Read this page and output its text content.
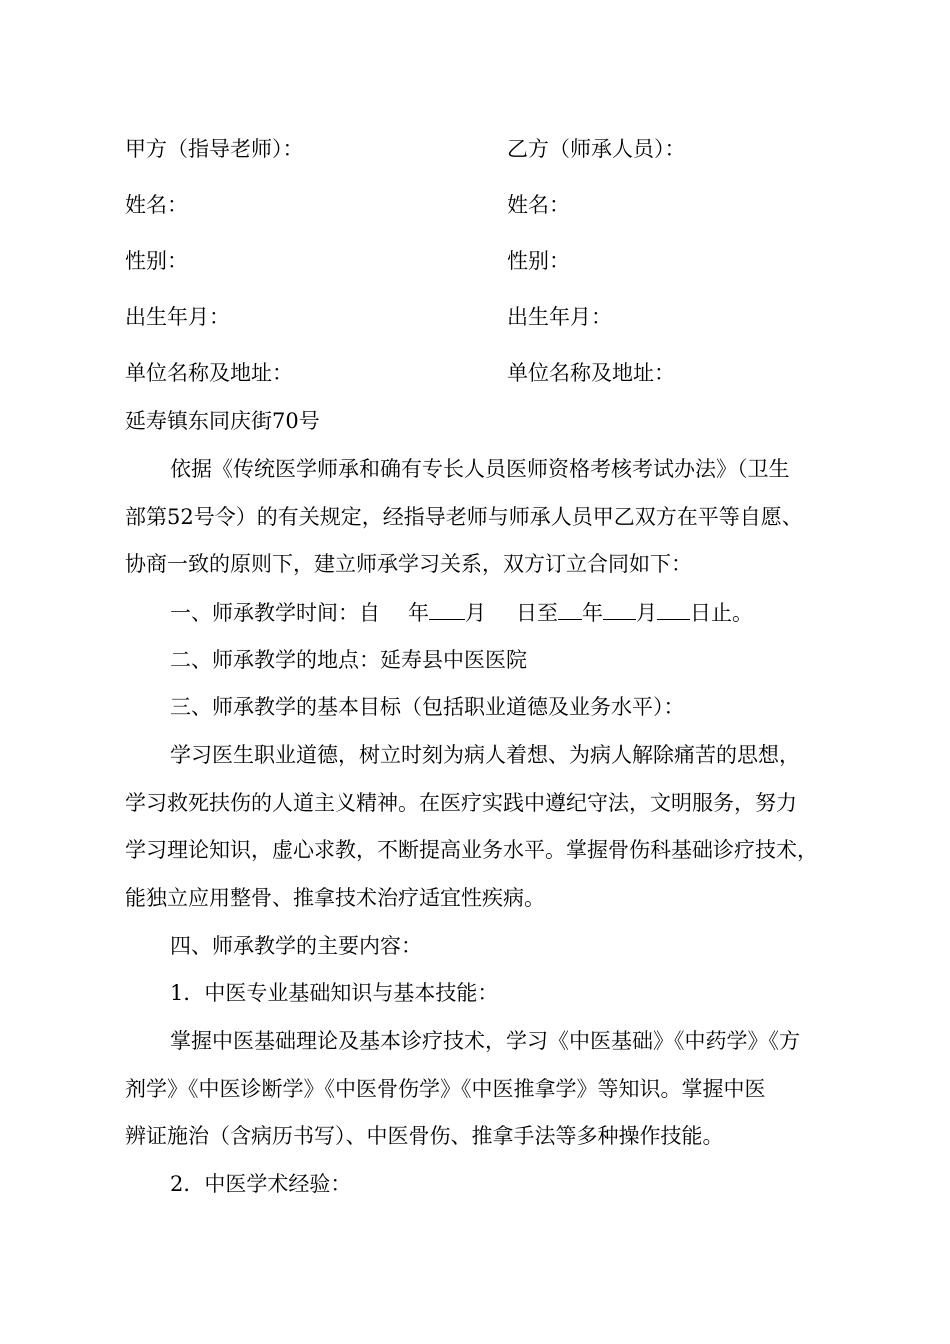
甲方（指导老师）：	乙方（师承人员）：
姓名：	姓名：
性别：	性别：
出生年月：	出生年月：
单位名称及地址：	单位名称及地址：
延寿镇东同庆街70号
依据《传统医学师承和确有专长人员医师资格考核考试办法》（卫生
部第52号令）的有关规定，经指导老师与师承人员甲乙双方在平等自愿、
协商一致的原则下，建立师承学习关系，双方订立合同如下：
一、师承教学时间：自 年 月 日至 年 月 日止。
二、师承教学的地点：延寿县中医医院
三、师承教学的基本目标（包括职业道德及业务水平）：
学习医生职业道德，树立时刻为病人着想、为病人解除痛苦的思想，
学习救死扶伤的人道主义精神。在医疗实践中遵纪守法，文明服务，努力
学习理论知识，虚心求教，不断提高业务水平。掌握骨伤科基础诊疗技术，
能独立应用整骨、推拿技术治疗适宜性疾病。
四、师承教学的主要内容：
1．中医专业基础知识与基本技能：
掌握中医基础理论及基本诊疗技术，学习《中医基础》《中药学》《方
剂学》《中医诊断学》《中医骨伤学》《中医推拿学》等知识。掌握中医
辨证施治（含病历书写）、中医骨伤、推拿手法等多种操作技能。
2．中医学术经验：
